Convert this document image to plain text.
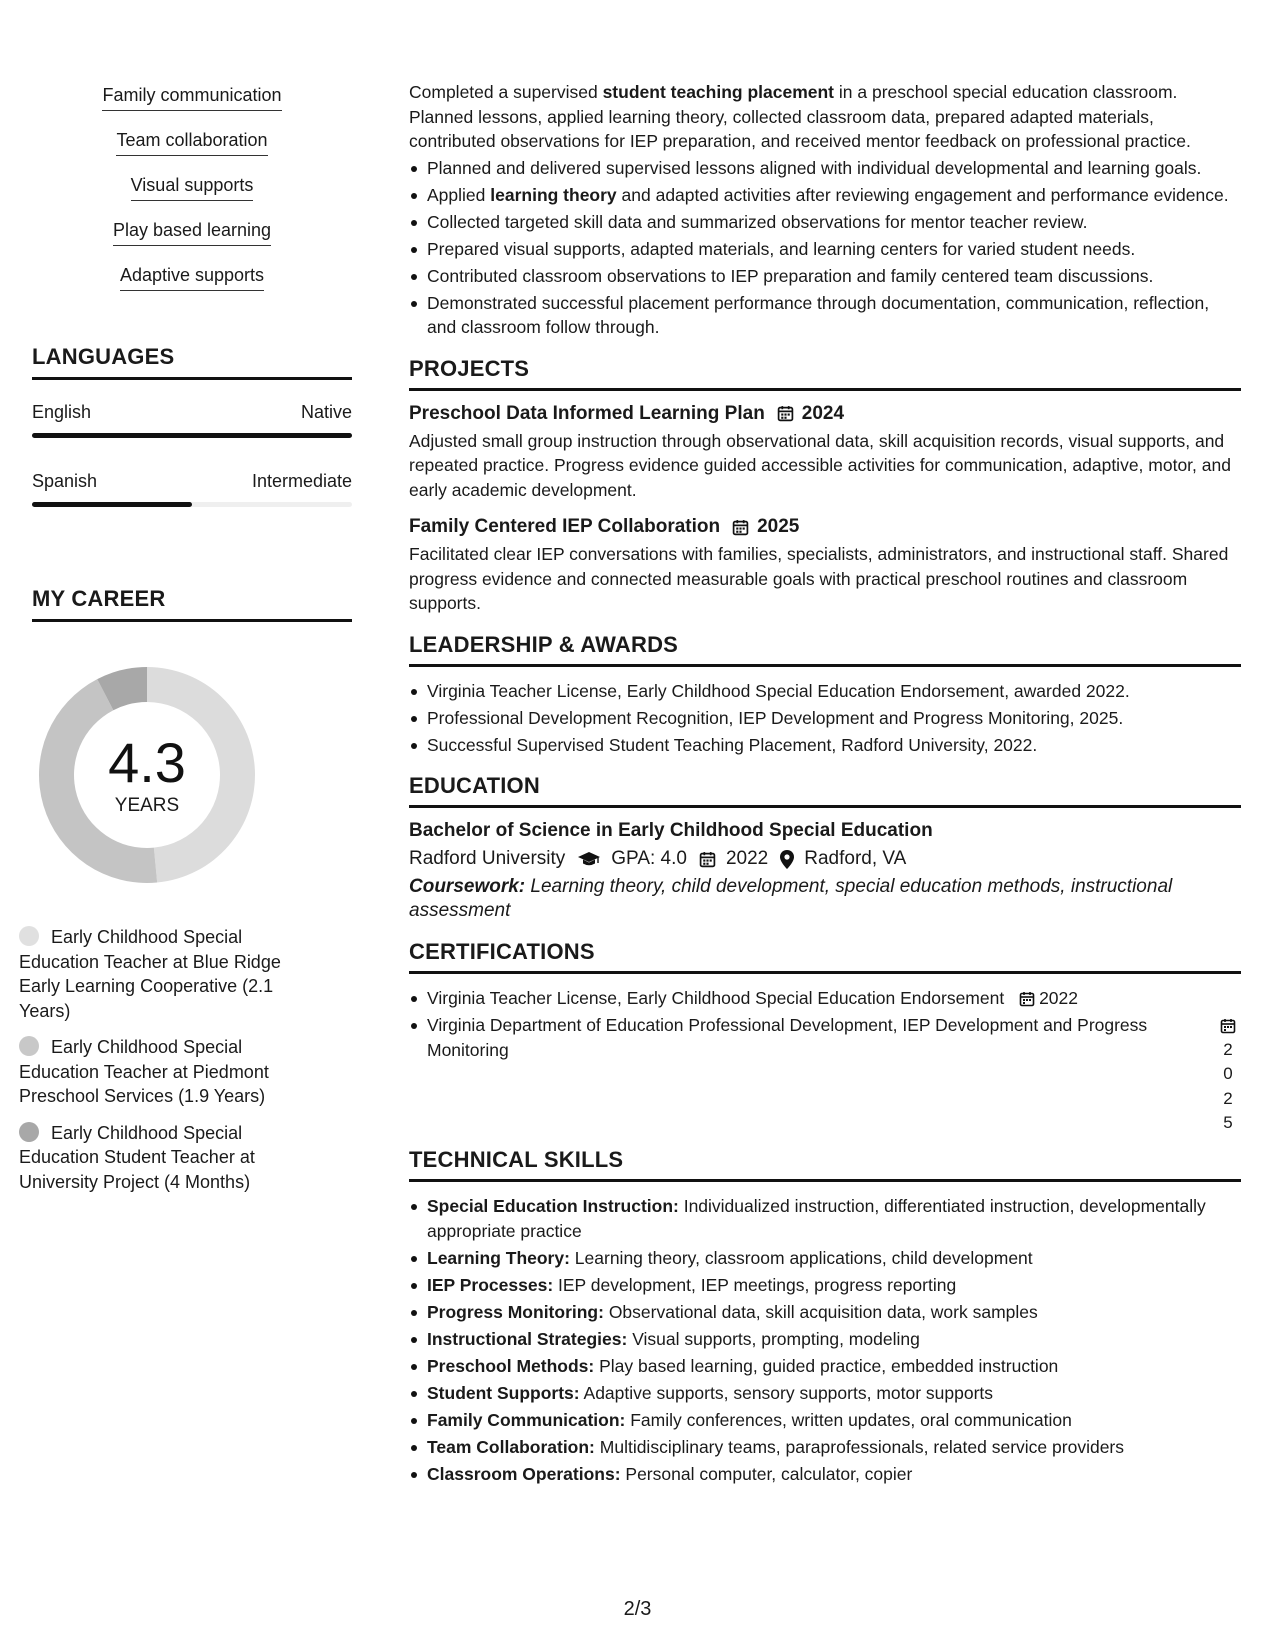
Family communication
Team collaboration
Visual supports
Play based learning
Adaptive supports
LANGUAGES
English	Native
Spanish	Intermediate
MY CAREER
4.3
YEARS
Early Childhood Special Education Teacher at Blue Ridge Early Learning Cooperative (2.1 Years)
Early Childhood Special Education Teacher at Piedmont Preschool Services (1.9 Years)
Early Childhood Special Education Student Teacher at University Project (4 Months)
Completed a supervised student teaching placement in a preschool special education classroom. Planned lessons, applied learning theory, collected classroom data, prepared adapted materials, contributed observations for IEP preparation, and received mentor feedback on professional practice.
Planned and delivered supervised lessons aligned with individual developmental and learning goals.
Applied learning theory and adapted activities after reviewing engagement and performance evidence.
Collected targeted skill data and summarized observations for mentor teacher review.
Prepared visual supports, adapted materials, and learning centers for varied student needs.
Contributed classroom observations to IEP preparation and family centered team discussions.
Demonstrated successful placement performance through documentation, communication, reflection, and classroom follow through.
PROJECTS
Preschool Data Informed Learning Plan 2024
Adjusted small group instruction through observational data, skill acquisition records, visual supports, and repeated practice. Progress evidence guided accessible activities for communication, adaptive, motor, and early academic development.
Family Centered IEP Collaboration 2025
Facilitated clear IEP conversations with families, specialists, administrators, and instructional staff. Shared progress evidence and connected measurable goals with practical preschool routines and classroom supports.
LEADERSHIP & AWARDS
Virginia Teacher License, Early Childhood Special Education Endorsement, awarded 2022.
Professional Development Recognition, IEP Development and Progress Monitoring, 2025.
Successful Supervised Student Teaching Placement, Radford University, 2022.
EDUCATION
Bachelor of Science in Early Childhood Special Education
Radford University GPA: 4.0 2022 Radford, VA
Coursework: Learning theory, child development, special education methods, instructional assessment
CERTIFICATIONS
Virginia Teacher License, Early Childhood Special Education Endorsement 2022
Virginia Department of Education Professional Development, IEP Development and Progress Monitoring	2
0
2
5
TECHNICAL SKILLS
Special Education Instruction: Individualized instruction, differentiated instruction, developmentally appropriate practice
Learning Theory: Learning theory, classroom applications, child development
IEP Processes: IEP development, IEP meetings, progress reporting
Progress Monitoring: Observational data, skill acquisition data, work samples
Instructional Strategies: Visual supports, prompting, modeling
Preschool Methods: Play based learning, guided practice, embedded instruction
Student Supports: Adaptive supports, sensory supports, motor supports
Family Communication: Family conferences, written updates, oral communication
Team Collaboration: Multidisciplinary teams, paraprofessionals, related service providers
Classroom Operations: Personal computer, calculator, copier
2/3
